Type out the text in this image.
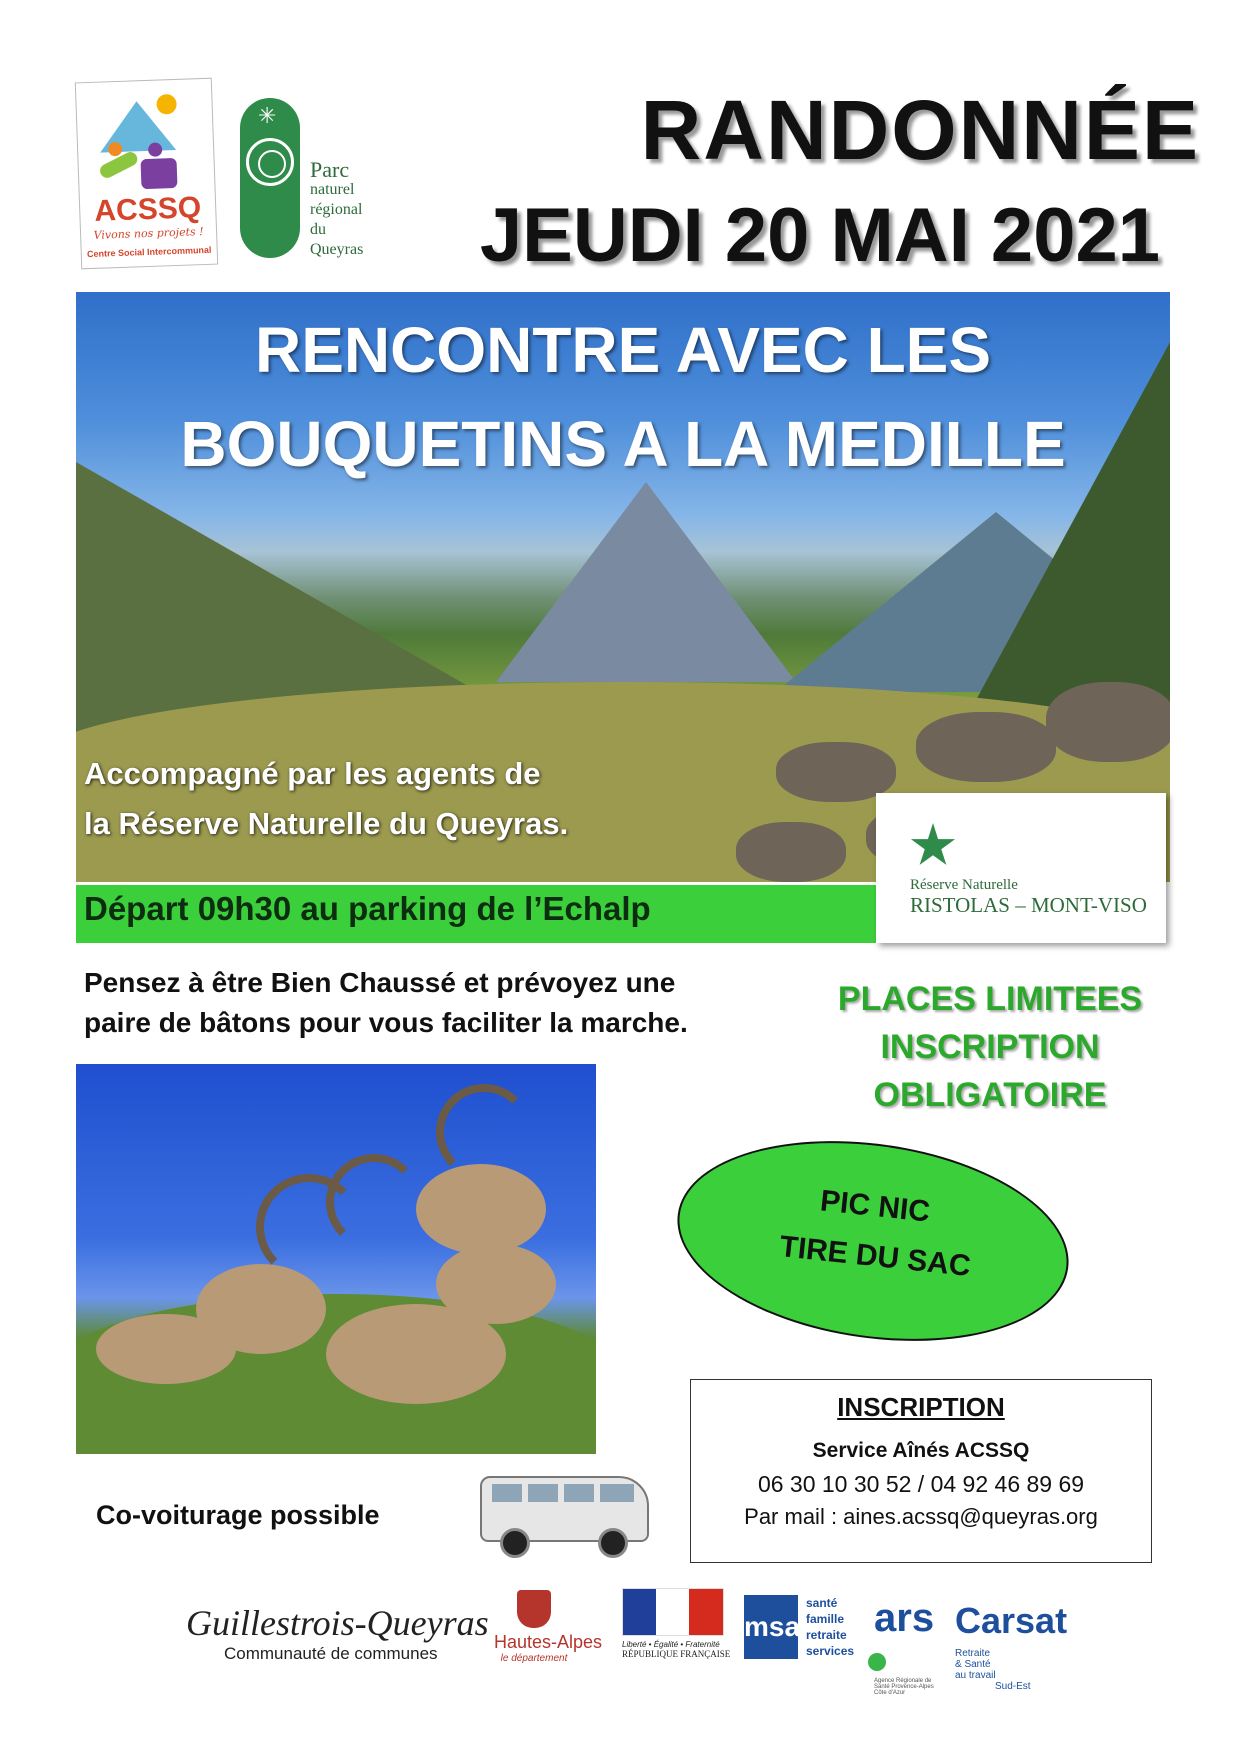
ACSSQ
Vivons nos projets !
Centre Social Intercommunal
✳
Parc
naturel
régional
du Queyras
RANDONNÉE
JEUDI 20 MAI 2021
RENCONTRE AVEC LES
BOUQUETINS A LA MEDILLE
Accompagné par les agents de
la Réserve Naturelle du Queyras.
Départ 09h30 au parking de l’Echalp
Réserve Naturelle
RISTOLAS – MONT-VISO
Pensez à être Bien Chaussé et prévoyez une
paire de bâtons pour vous faciliter la marche.
PLACES LIMITEES
INSCRIPTION
OBLIGATOIRE
PIC NIC
TIRE DU SAC
INSCRIPTION
Service Aînés ACSSQ
06 30 10 30 52 / 04 92 46 89 69
Par mail : aines.acssq@queyras.org
Co-voiturage possible
Guillestrois-Queyras
Communauté de communes
Hautes-Alpes
le département
Liberté • Égalité • Fraternité
RÉPUBLIQUE FRANÇAISE
msa
santé
famille
retraite
services
ars
Agence Régionale de Santé Provence-Alpes Côte d'Azur
Carsat Retraite
& Santé
au travail
Sud-Est
